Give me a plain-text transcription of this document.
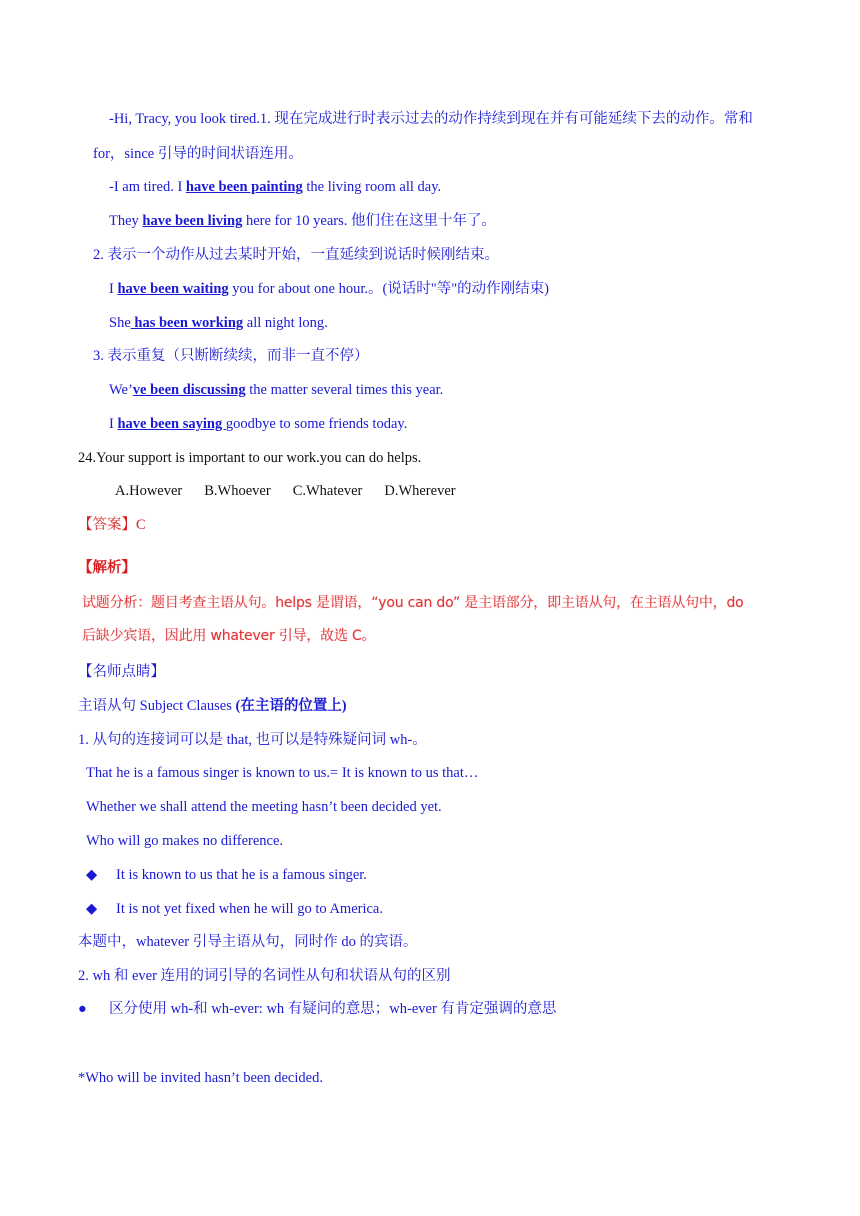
-Hi, Tracy, you look tired.1. 现在完成进行时表示过去的动作持续到现在并有可能延续下去的动作。常和
for，since 引导的时间状语连用。
-I am tired. I have been painting the living room all day.
They have been living here for 10 years. 他们住在这里十年了。
2. 表示一个动作从过去某时开始，一直延续到说话时候刚结束。
I have been waiting you for about one hour.。(说话时"等"的动作刚结束)
She has been working all night long.
3. 表示重复（只断断续续，而非一直不停）
We’ve been discussing the matter several times this year.
I have been saying goodbye to some friends today.
24.Your support is important to our work.you can do helps.
A.However B.Whoever C.Whatever D.Wherever
【答案】C
【解析】
试题分析：题目考查主语从句。helps 是谓语，“you can do” 是主语部分，即主语从句，在主语从句中，do
后缺少宾语，因此用 whatever 引导，故选 C。
【名师点睛】
主语从句 Subject Clauses (在主语的位置上)
1. 从句的连接词可以是 that, 也可以是特殊疑问词 wh-。
That he is a famous singer is known to us.= It is known to us that…
Whether we shall attend the meeting hasn’t been decided yet.
Who will go makes no difference.
◆ It is known to us that he is a famous singer.
◆ It is not yet fixed when he will go to America.
本题中，whatever 引导主语从句，同时作 do 的宾语。
2. wh 和 ever 连用的词引导的名词性从句和状语从句的区别
● 区分使用 wh-和 wh-ever: wh 有疑问的意思；wh-ever 有肯定强调的意思
*Who will be invited hasn’t been decided.
